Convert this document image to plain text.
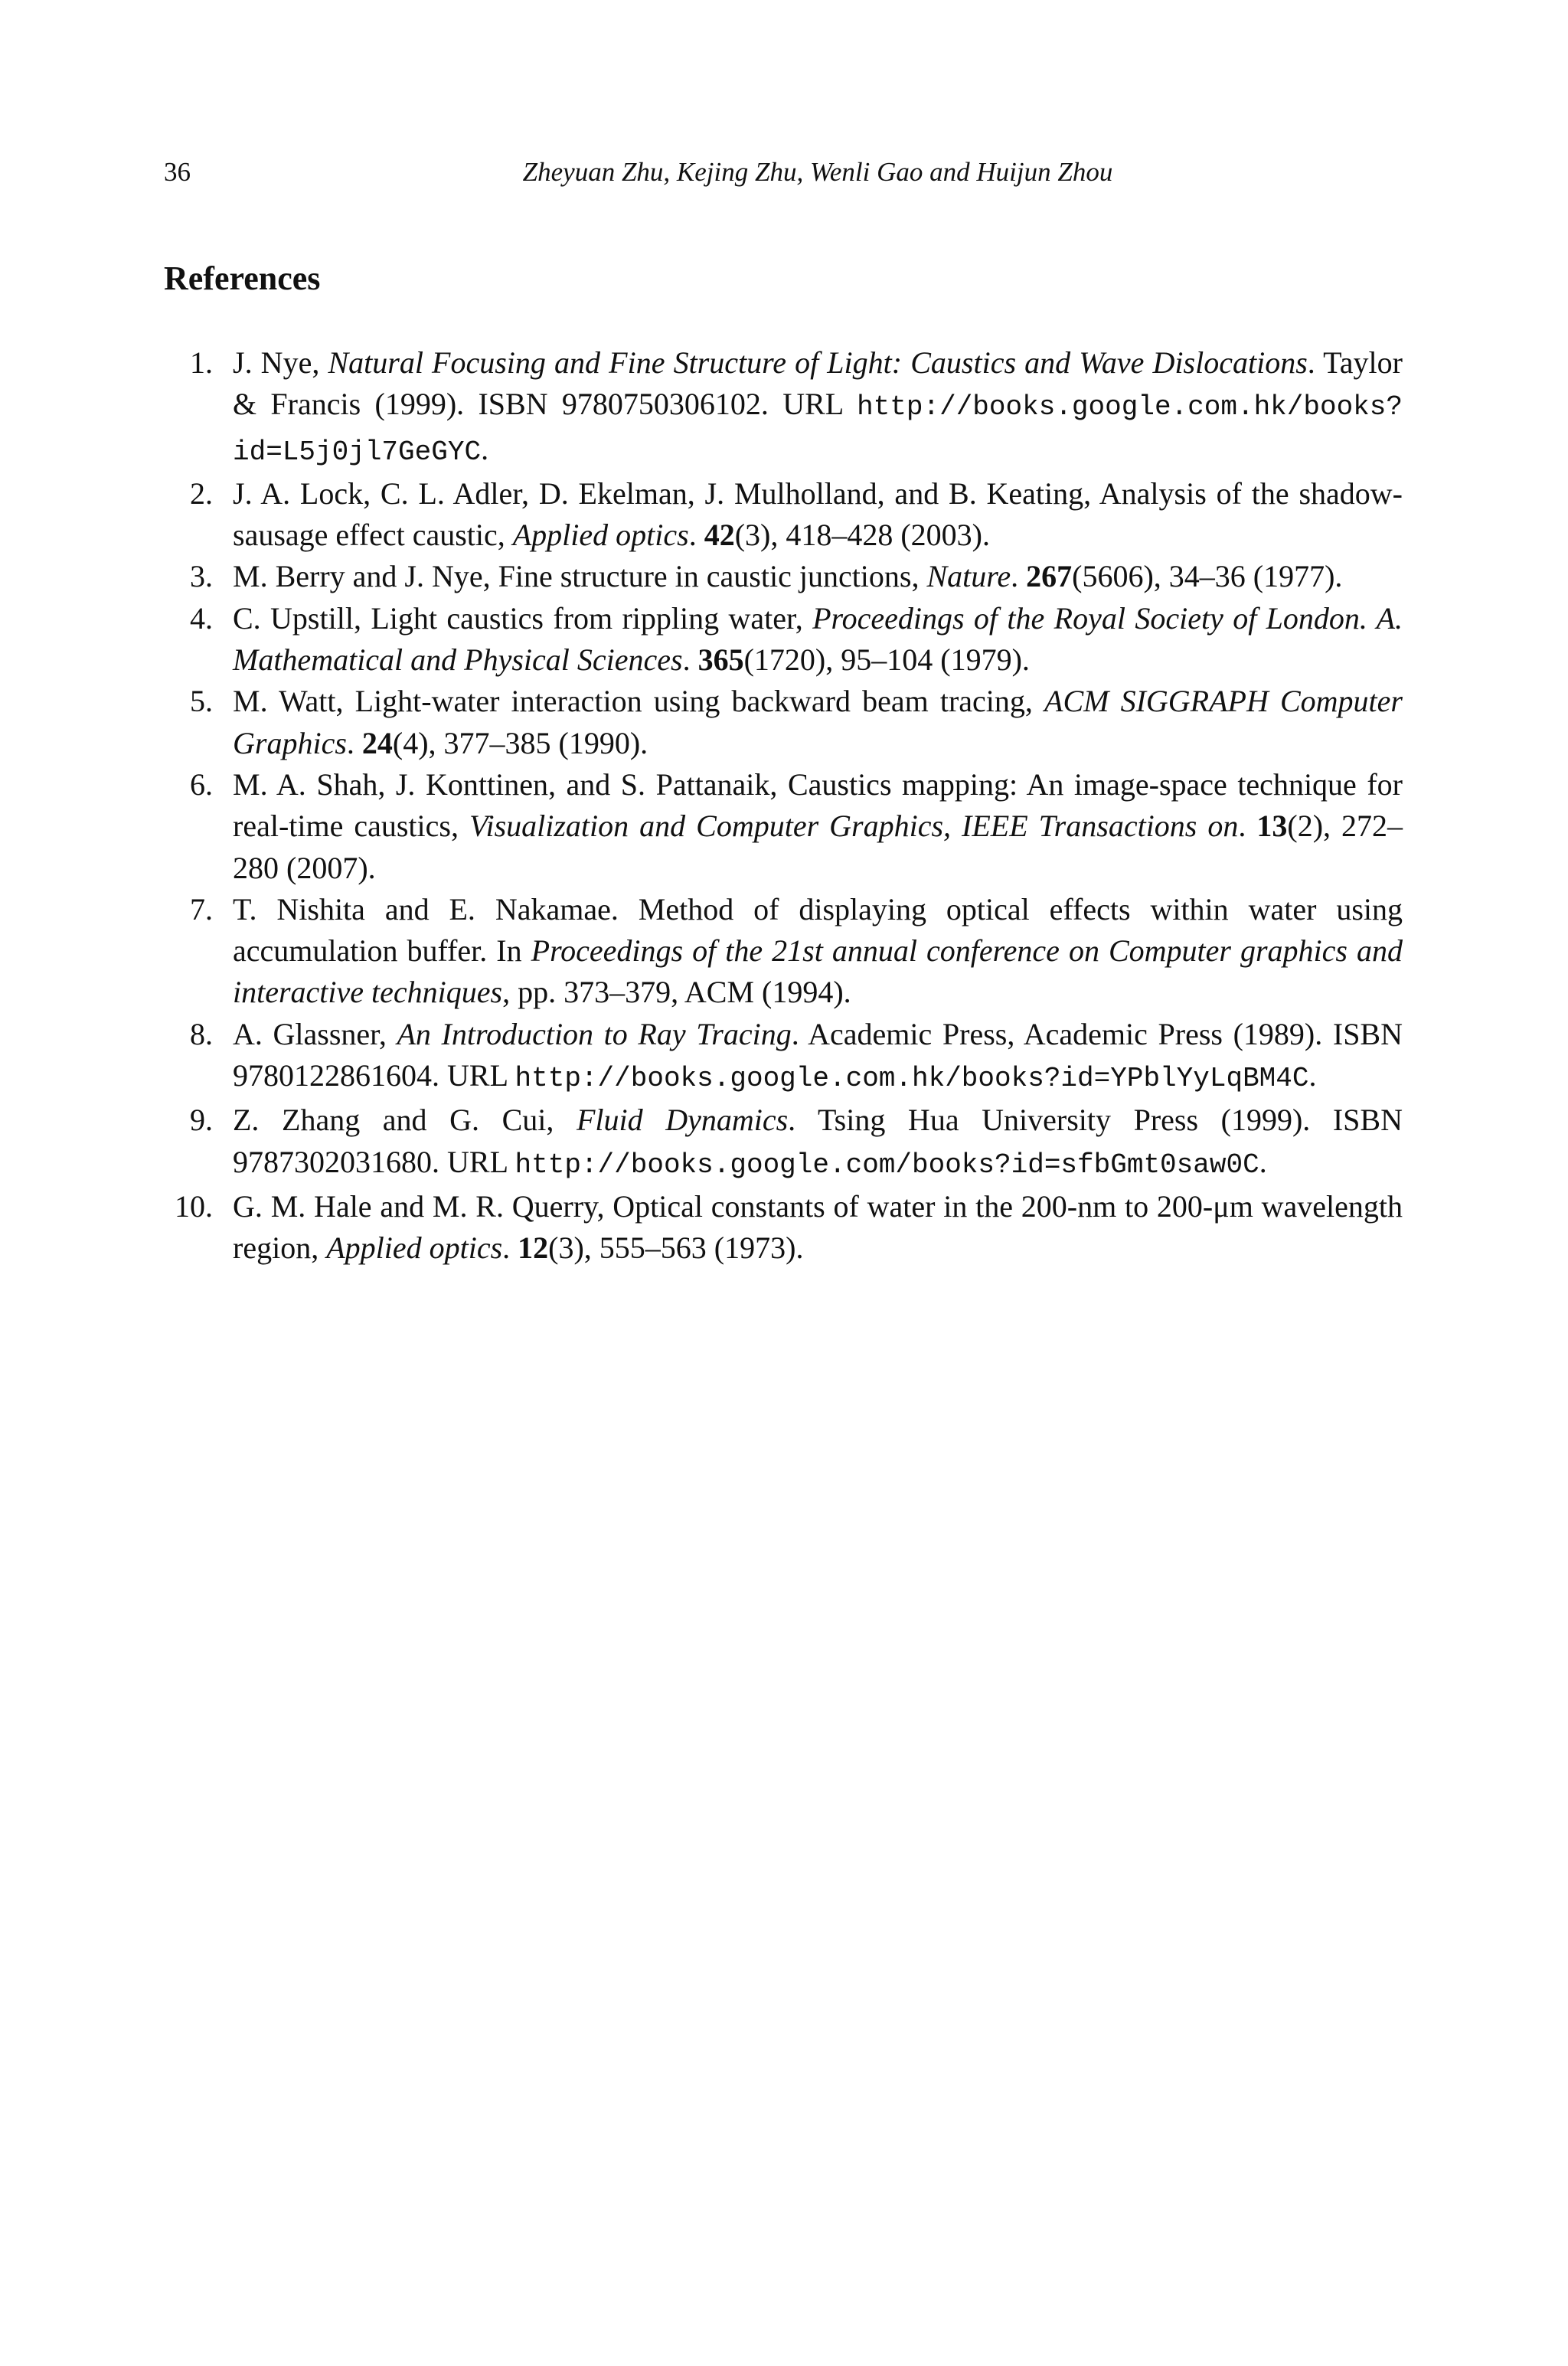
36	Zheyuan Zhu, Kejing Zhu, Wenli Gao and Huijun Zhou
References
1. J. Nye, Natural Focusing and Fine Structure of Light: Caustics and Wave Dislocations. Taylor & Francis (1999). ISBN 9780750306102. URL http://books.google.com.hk/books?id=L5j0jl7GeGYC.
2. J. A. Lock, C. L. Adler, D. Ekelman, J. Mulholland, and B. Keating, Analysis of the shadow-sausage effect caustic, Applied optics. 42(3), 418–428 (2003).
3. M. Berry and J. Nye, Fine structure in caustic junctions, Nature. 267(5606), 34–36 (1977).
4. C. Upstill, Light caustics from rippling water, Proceedings of the Royal Society of London. A. Mathematical and Physical Sciences. 365(1720), 95–104 (1979).
5. M. Watt, Light-water interaction using backward beam tracing, ACM SIGGRAPH Computer Graphics. 24(4), 377–385 (1990).
6. M. A. Shah, J. Konttinen, and S. Pattanaik, Caustics mapping: An image-space technique for real-time caustics, Visualization and Computer Graphics, IEEE Transactions on. 13(2), 272–280 (2007).
7. T. Nishita and E. Nakamae. Method of displaying optical effects within water using accumulation buffer. In Proceedings of the 21st annual conference on Computer graphics and interactive techniques, pp. 373–379, ACM (1994).
8. A. Glassner, An Introduction to Ray Tracing. Academic Press, Academic Press (1989). ISBN 9780122861604. URL http://books.google.com.hk/books?id=YPblYyLqBM4C.
9. Z. Zhang and G. Cui, Fluid Dynamics. Tsing Hua University Press (1999). ISBN 9787302031680. URL http://books.google.com/books?id=sfbGmt0saw0C.
10. G. M. Hale and M. R. Querry, Optical constants of water in the 200-nm to 200-μm wavelength region, Applied optics. 12(3), 555–563 (1973).
